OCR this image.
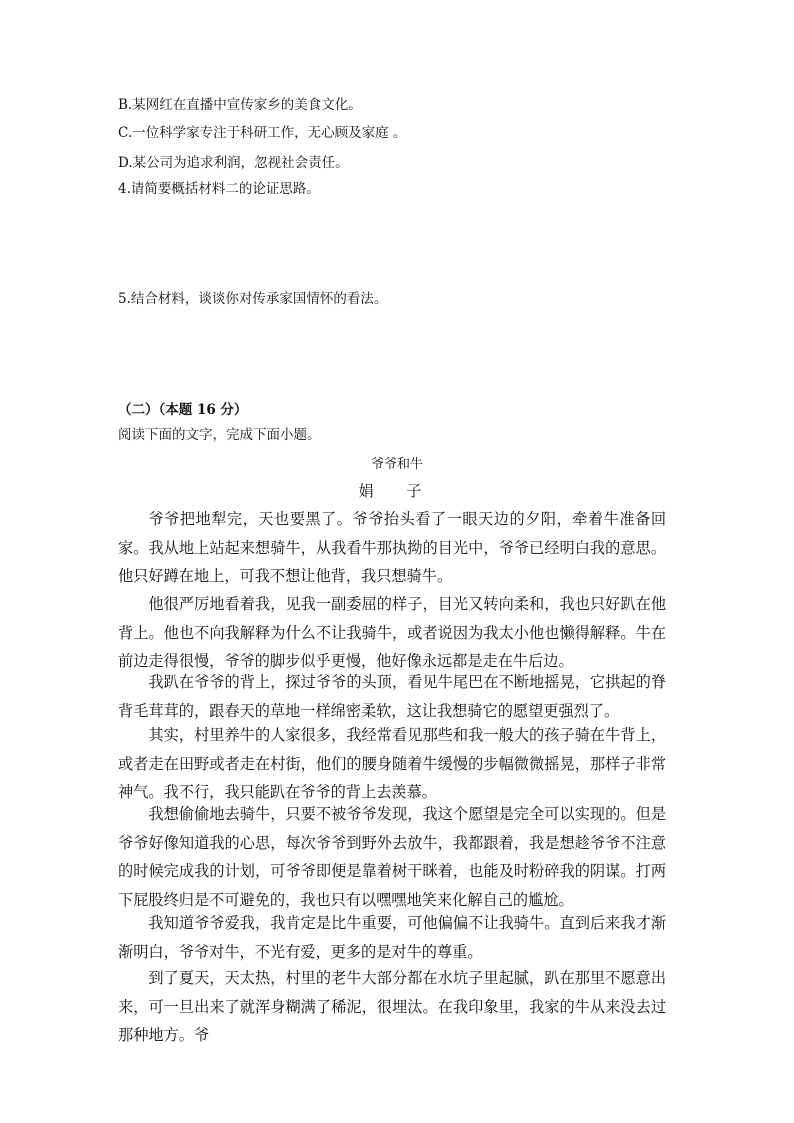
B.某网红在直播中宣传家乡的美食文化。
C.一位科学家专注于科研工作，无心顾及家庭 。
D.某公司为追求利润，忽视社会责任。
4.请简要概括材料二的论证思路。
5.结合材料，谈谈你对传承家国情怀的看法。
（二）（本题 16 分）
阅读下面的文字，完成下面小题。
爷爷和牛
娟 子

爷爷把地犁完，天也要黑了。爷爷抬头看了一眼天边的夕阳，牵着牛准备回家。我从地上站起来想骑牛，从我看牛那执拗的目光中，爷爷已经明白我的意思。他只好蹲在地上，可我不想让他背，我只想骑牛。

他很严厉地看着我，见我一副委屈的样子，目光又转向柔和，我也只好趴在他背上。他也不向我解释为什么不让我骑牛，或者说因为我太小他也懒得解释。牛在前边走得很慢，爷爷的脚步似乎更慢，他好像永远都是走在牛后边。

我趴在爷爷的背上，探过爷爷的头顶，看见牛尾巴在不断地摇晃，它拱起的脊背毛茸茸的，跟春天的草地一样绵密柔软，这让我想骑它的愿望更强烈了。

其实，村里养牛的人家很多，我经常看见那些和我一般大的孩子骑在牛背上，或者走在田野或者走在村街，他们的腰身随着牛缓慢的步幅微微摇晃，那样子非常神气。我不行，我只能趴在爷爷的背上去羡慕。

我想偷偷地去骑牛，只要不被爷爷发现，我这个愿望是完全可以实现的。但是爷爷好像知道我的心思，每次爷爷到野外去放牛，我都跟着，我是想趁爷爷不注意的时候完成我的计划，可爷爷即便是靠着树干眯着，也能及时粉碎我的阴谋。打两下屁股终归是不可避免的，我也只有以嘿嘿地笑来化解自己的尴尬。

我知道爷爷爱我，我肯定是比牛重要，可他偏偏不让我骑牛。直到后来我才渐渐明白，爷爷对牛，不光有爱，更多的是对牛的尊重。

到了夏天，天太热，村里的老牛大部分都在水坑子里起腻，趴在那里不愿意出来，可一旦出来了就浑身糊满了稀泥，很埋汰。在我印象里，我家的牛从来没去过那种地方。爷
